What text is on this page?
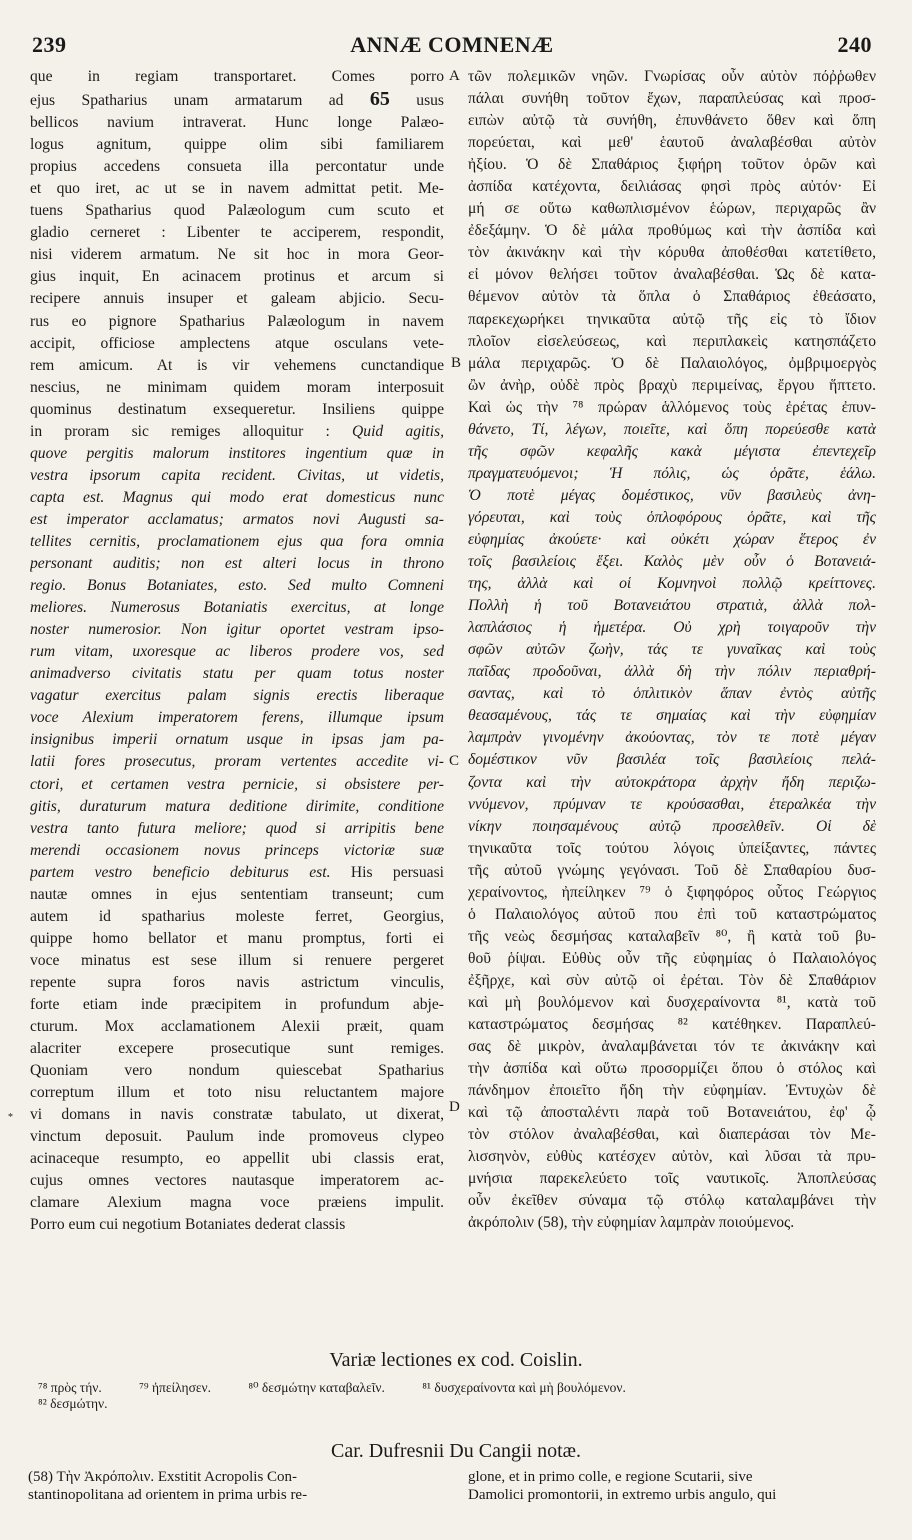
239	ANNÆ COMNENÆ	240
A
B
C
D
*
que in regiam transportaret. Comes porro
ejus Spatharius unam armatarum ad 65 usus
bellicos navium intraverat. Hunc longe Palæo-
logus agnitum, quippe olim sibi familiarem
propius accedens consueta illa percontatur unde
et quo iret, ac ut se in navem admittat petit. Me-
tuens Spatharius quod Palæologum cum scuto et
gladio cerneret : Libenter te acciperem, respondit,
nisi viderem armatum. Ne sit hoc in mora Geor-
gius inquit, En acinacem protinus et arcum si
recipere annuis insuper et galeam abjicio. Secu-
rus eo pignore Spatharius Palæologum in navem
accipit, officiose amplectens atque osculans vete-
rem amicum. At is vir vehemens cunctandique
nescius, ne minimam quidem moram interposuit
quominus destinatum exsequeretur. Insiliens quippe
in proram sic remiges alloquitur : Quid agitis,
quove pergitis malorum institores ingentium quæ in
vestra ipsorum capita recident. Civitas, ut videtis,
capta est. Magnus qui modo erat domesticus nunc
est imperator acclamatus; armatos novi Augusti sa-
tellites cernitis, proclamationem ejus qua fora omnia
personant auditis; non est alteri locus in throno
regio. Bonus Botaniates, esto. Sed multo Comneni
meliores. Numerosus Botaniatis exercitus, at longe
noster numerosior. Non igitur oportet vestram ipso-
rum vitam, uxoresque ac liberos prodere vos, sed
animadverso civitatis statu per quam totus noster
vagatur exercitus palam signis erectis liberaque
voce Alexium imperatorem ferens, illumque ipsum
insignibus imperii ornatum usque in ipsas jam pa-
latii fores prosecutus, proram vertentes accedite vi-
ctori, et certamen vestra pernicie, si obsistere per-
gitis, duraturum matura deditione dirimite, conditione
vestra tanto futura meliore; quod si arripitis bene
merendi occasionem novus princeps victoriæ suæ
partem vestro beneficio debiturus est. His persuasi
nautæ omnes in ejus sententiam transeunt; cum
autem id spatharius moleste ferret, Georgius,
quippe homo bellator et manu promptus, forti ei
voce minatus est sese illum si renuere pergeret
repente supra foros navis astrictum vinculis,
forte etiam inde præcipitem in profundum abje-
cturum. Mox acclamationem Alexii præit, quam
alacriter excepere prosecutique sunt remiges.
Quoniam vero nondum quiescebat Spatharius
correptum illum et toto nisu reluctantem majore
vi domans in navis constratæ tabulato, ut dixerat,
vinctum deposuit. Paulum inde promoveus clypeo
acinaceque resumpto, eo appellit ubi classis erat,
cujus omnes vectores nautasque imperatorem ac-
clamare Alexium magna voce præiens impulit.
Porro eum cui negotium Botaniates dederat classis
τῶν πολεμικῶν νηῶν. Γνωρίσας οὖν αὐτὸν πόῤῥωθεν
πάλαι συνήθη τοῦτον ἔχων, παραπλεύσας καὶ προσ-
ειπὼν αὐτῷ τὰ συνήθη, ἐπυνθάνετο ὅθεν καὶ ὅπη
πορεύεται, καὶ μεθ' ἑαυτοῦ ἀναλαβέσθαι αὐτὸν
ἠξίου. Ὁ δὲ Σπαθάριος ξιφήρη τοῦτον ὁρῶν καὶ
ἀσπίδα κατέχοντα, δειλιάσας φησὶ πρὸς αὐτόν· Εἰ
μή σε οὕτω καθωπλισμένον ἑώρων, περιχαρῶς ἂν
ἐδεξάμην. Ὁ δὲ μάλα προθύμως καὶ τὴν ἀσπίδα καὶ
τὸν ἀκινάκην καὶ τὴν κόρυθα ἀποθέσθαι κατετίθετο,
εἰ μόνον θελήσει τοῦτον ἀναλαβέσθαι. Ὡς δὲ κατα-
θέμενον αὐτὸν τὰ ὅπλα ὁ Σπαθάριος ἐθεάσατο,
παρεκεχωρήκει τηνικαῦτα αὐτῷ τῆς εἰς τὸ ἴδιον
πλοῖον εἰσελεύσεως, καὶ περιπλακεὶς κατησπάζετο
μάλα περιχαρῶς. Ὁ δὲ Παλαιολόγος, ὀμβριμοεργὸς
ὢν ἀνὴρ, οὐδὲ πρὸς βραχὺ περιμείνας, ἔργου ἥπτετο.
Καὶ ὡς τὴν ⁷⁸ πρώραν ἁλλόμενος τοὺς ἐρέτας ἐπυν-
θάνετο, Τί, λέγων, ποιεῖτε, καὶ ὅπη πορεύεσθε κατὰ
τῆς σφῶν κεφαλῆς κακὰ μέγιστα ἐπεντεχεῖρ
πραγματευόμενοι; Ἡ πόλις, ὡς ὁρᾶτε, ἑάλω.
Ὁ ποτὲ μέγας δομέστικος, νῦν βασιλεὺς ἀνη-
γόρευται, καὶ τοὺς ὁπλοφόρους ὁρᾶτε, καὶ τῆς
εὐφημίας ἀκούετε· καὶ οὐκέτι χώραν ἕτερος ἐν
τοῖς βασιλείοις ἕξει. Καλὸς μὲν οὖν ὁ Βοτανειά-
της, ἀλλὰ καὶ οἱ Κομνηνοὶ πολλῷ κρείττονες.
Πολλὴ ἡ τοῦ Βοτανειάτου στρατιὰ, ἀλλὰ πολ-
λαπλάσιος ἡ ἡμετέρα. Οὐ χρὴ τοιγαροῦν τὴν
σφῶν αὐτῶν ζωὴν, τάς τε γυναῖκας καὶ τοὺς
παῖδας προδοῦναι, ἀλλὰ δὴ τὴν πόλιν περιαθρή-
σαντας, καὶ τὸ ὁπλιτικὸν ἅπαν ἐντὸς αὐτῆς
θεασαμένους, τάς τε σημαίας καὶ τὴν εὐφημίαν
λαμπρὰν γινομένην ἀκούοντας, τὸν τε ποτὲ μέγαν
δομέστικον νῦν βασιλέα τοῖς βασιλείοις πελά-
ζοντα καὶ τὴν αὐτοκράτορα ἀρχὴν ἤδη περιζω-
ννύμενον, πρύμναν τε κρούσασθαι, ἑτεραλκέα τὴν
νίκην ποιησαμένους αὐτῷ προσελθεῖν. Οἱ δὲ
τηνικαῦτα τοῖς τούτου λόγοις ὑπείξαντες, πάντες
τῆς αὐτοῦ γνώμης γεγόνασι. Τοῦ δὲ Σπαθαρίου δυσ-
χεραίνοντος, ἠπείληκεν ⁷⁹ ὁ ξιφηφόρος οὗτος Γεώργιος
ὁ Παλαιολόγος αὐτοῦ που ἐπὶ τοῦ καταστρώματος
τῆς νεὼς δεσμήσας καταλαβεῖν ⁸⁰, ἢ κατὰ τοῦ βυ-
θοῦ ῥίψαι. Εὐθὺς οὖν τῆς εὐφημίας ὁ Παλαιολόγος
ἐξῆρχε, καὶ σὺν αὐτῷ οἱ ἐρέται. Τὸν δὲ Σπαθάριον
καὶ μὴ βουλόμενον καὶ δυσχεραίνοντα ⁸¹, κατὰ τοῦ
καταστρώματος δεσμήσας ⁸² κατέθηκεν. Παραπλεύ-
σας δὲ μικρὸν, ἀναλαμβάνεται τόν τε ἀκινάκην καὶ
τὴν ἀσπίδα καὶ οὕτω προσορμίζει ὅπου ὁ στόλος καὶ
πάνδημον ἐποιεῖτο ἤδη τὴν εὐφημίαν. Ἐντυχὼν δὲ
καὶ τῷ ἀποσταλέντι παρὰ τοῦ Βοτανειάτου, ἐφ' ᾧ
τὸν στόλον ἀναλαβέσθαι, καὶ διαπεράσαι τὸν Με-
λισσηνὸν, εὐθὺς κατέσχεν αὐτὸν, καὶ λῦσαι τὰ πρυ-
μνήσια παρεκελεύετο τοῖς ναυτικοῖς. Ἀποπλεύσας
οὖν ἐκεῖθεν σύναμα τῷ στόλῳ καταλαμβάνει τὴν
ἀκρόπολιν (58), τὴν εὐφημίαν λαμπρὰν ποιούμενος.
Variæ lectiones ex cod. Coislin.
⁷⁸ πρὸς τήν.	⁷⁹ ἠπείλησεν.	⁸⁰ δεσμώτην καταβαλεῖν.	⁸¹ δυσχεραίνοντα καὶ μὴ βουλόμενον.
⁸² δεσμώτην.
Car. Dufresnii Du Cangii notæ.
(58) Τὴν Ἀκρόπολιν. Exstitit Acropolis Con-
stantinopolitana ad orientem in prima urbis re-
glone, et in primo colle, e regione Scutarii, sive
Damolici promontorii, in extremo urbis angulo, qui
